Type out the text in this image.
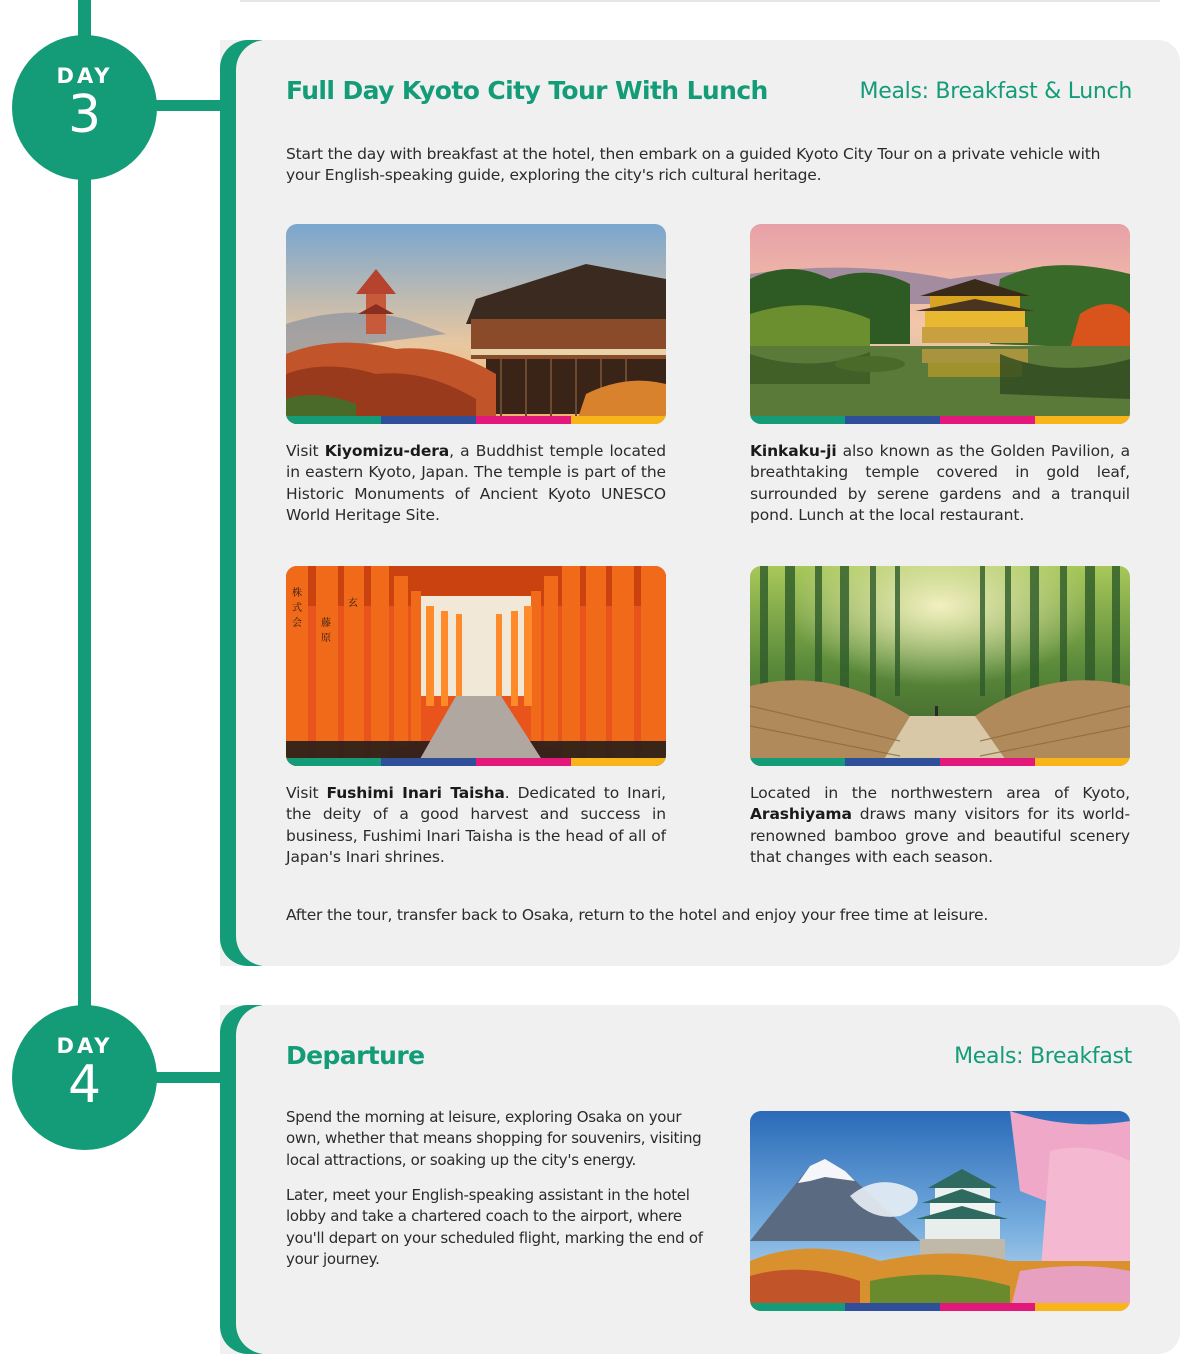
DAY
3	Full Day Kyoto City Tour With Lunch	Meals: Breakfast & Lunch
Start the day with breakfast at the hotel, then embark on a guided Kyoto City Tour on a private vehicle with your English-speaking guide, exploring the city's rich cultural heritage.
Visit Kiyomizu-dera, a Buddhist temple located in eastern Kyoto, Japan. The temple is part of the Historic Monuments of Ancient Kyoto UNESCO World Heritage Site.
Kinkaku-ji also known as the Golden Pavilion, a breathtaking temple covered in gold leaf, surrounded by serene gardens and a tranquil pond. Lunch at the local restaurant.
株
式
会 藤
原
玄
Visit Fushimi Inari Taisha. Dedicated to Inari, the deity of a good harvest and success in business, Fushimi Inari Taisha is the head of all of Japan's Inari shrines.
Located in the northwestern area of Kyoto, Arashiyama draws many visitors for its world-renowned bamboo grove and beautiful scenery that changes with each season.
After the tour, transfer back to Osaka, return to the hotel and enjoy your free time at leisure.
DAY
4	Departure	Meals: Breakfast
Spend the morning at leisure, exploring Osaka on your own, whether that means shopping for souvenirs, visiting local attractions, or soaking up the city's energy.
Later, meet your English-speaking assistant in the hotel lobby and take a chartered coach to the airport, where you'll depart on your scheduled flight, marking the end of your journey.
